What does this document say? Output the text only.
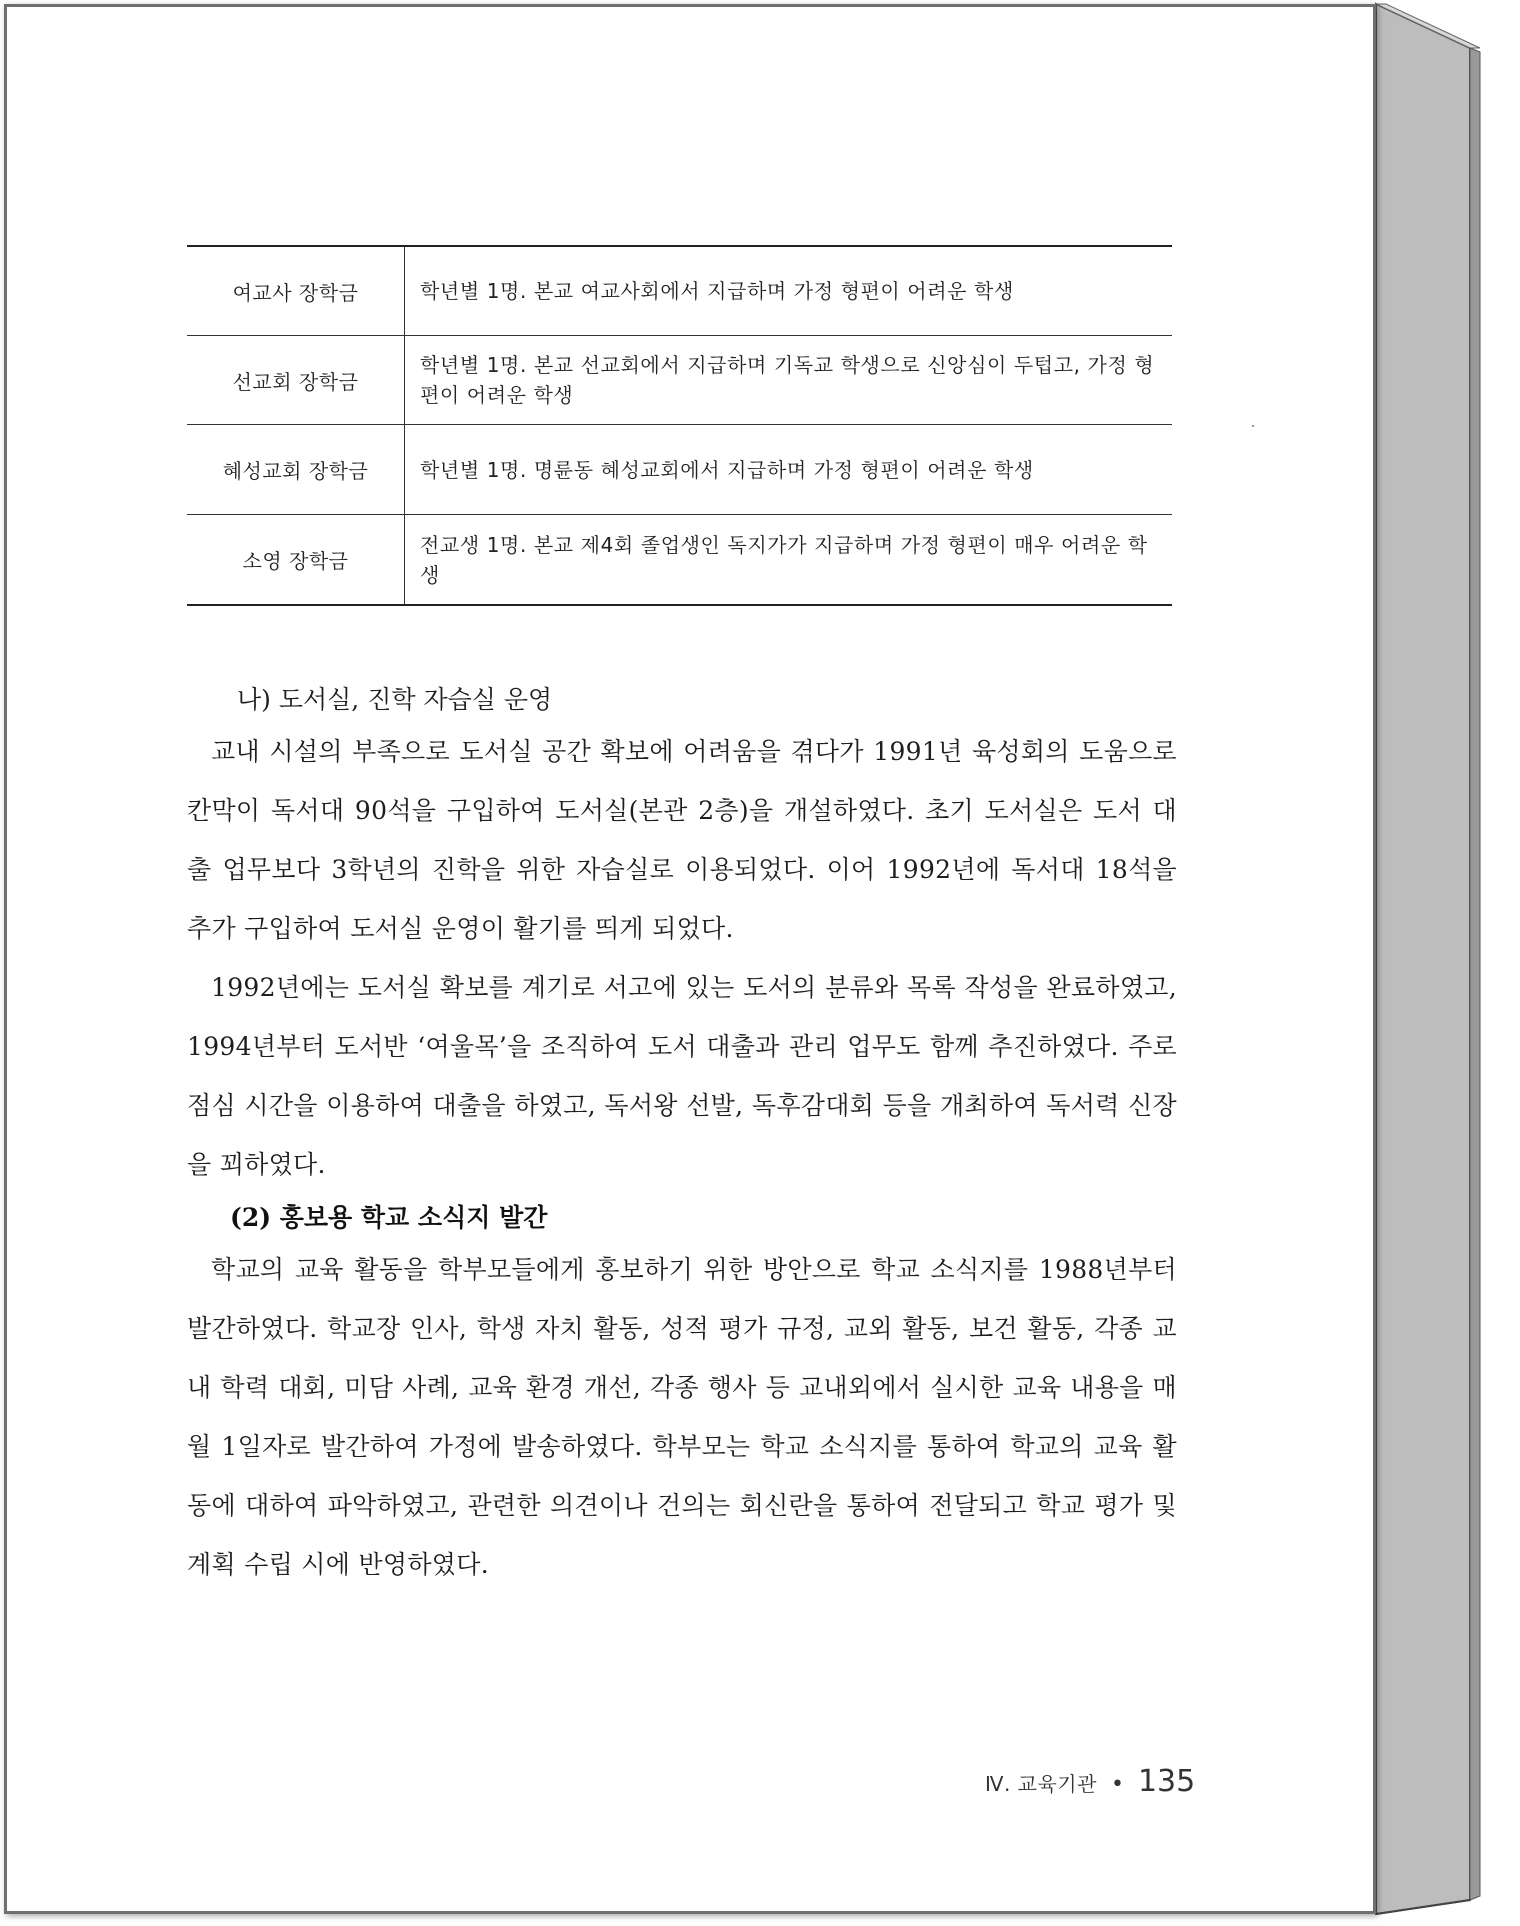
여교사 장학금	학년별 1명. 본교 여교사회에서 지급하며 가정 형편이 어려운 학생
선교회 장학금
학년별 1명. 본교 선교회에서 지급하며 기독교 학생으로 신앙심이 두텁고, 가정 형편이 어려운 학생
혜성교회 장학금	학년별 1명. 명륜동 혜성교회에서 지급하며 가정 형편이 어려운 학생
소영 장학금
전교생 1명. 본교 제4회 졸업생인 독지가가 지급하며 가정 형편이 매우 어려운 학생
나) 도서실, 진학 자습실 운영

교내 시설의 부족으로 도서실 공간 확보에 어려움을 겪다가 1991년 육성회의 도움으로 칸막이 독서대 90석을 구입하여 도서실(본관 2층)을 개설하였다. 초기 도서실은 도서 대출 업무보다 3학년의 진학을 위한 자습실로 이용되었다. 이어 1992년에 독서대 18석을 추가 구입하여 도서실 운영이 활기를 띄게 되었다.

1992년에는 도서실 확보를 계기로 서고에 있는 도서의 분류와 목록 작성을 완료하였고, 1994년부터 도서반 ‘여울목’을 조직하여 도서 대출과 관리 업무도 함께 추진하였다. 주로 점심 시간을 이용하여 대출을 하였고, 독서왕 선발, 독후감대회 등을 개최하여 독서력 신장을 꾀하였다.

(2) 홍보용 학교 소식지 발간

학교의 교육 활동을 학부모들에게 홍보하기 위한 방안으로 학교 소식지를 1988년부터 발간하였다. 학교장 인사, 학생 자치 활동, 성적 평가 규정, 교외 활동, 보건 활동, 각종 교내 학력 대회, 미담 사례, 교육 환경 개선, 각종 행사 등 교내외에서 실시한 교육 내용을 매월 1일자로 발간하여 가정에 발송하였다. 학부모는 학교 소식지를 통하여 학교의 교육 활동에 대하여 파악하였고, 관련한 의견이나 건의는 회신란을 통하여 전달되고 학교 평가 및 계획 수립 시에 반영하였다.

Ⅳ. 교육기관 • 135
